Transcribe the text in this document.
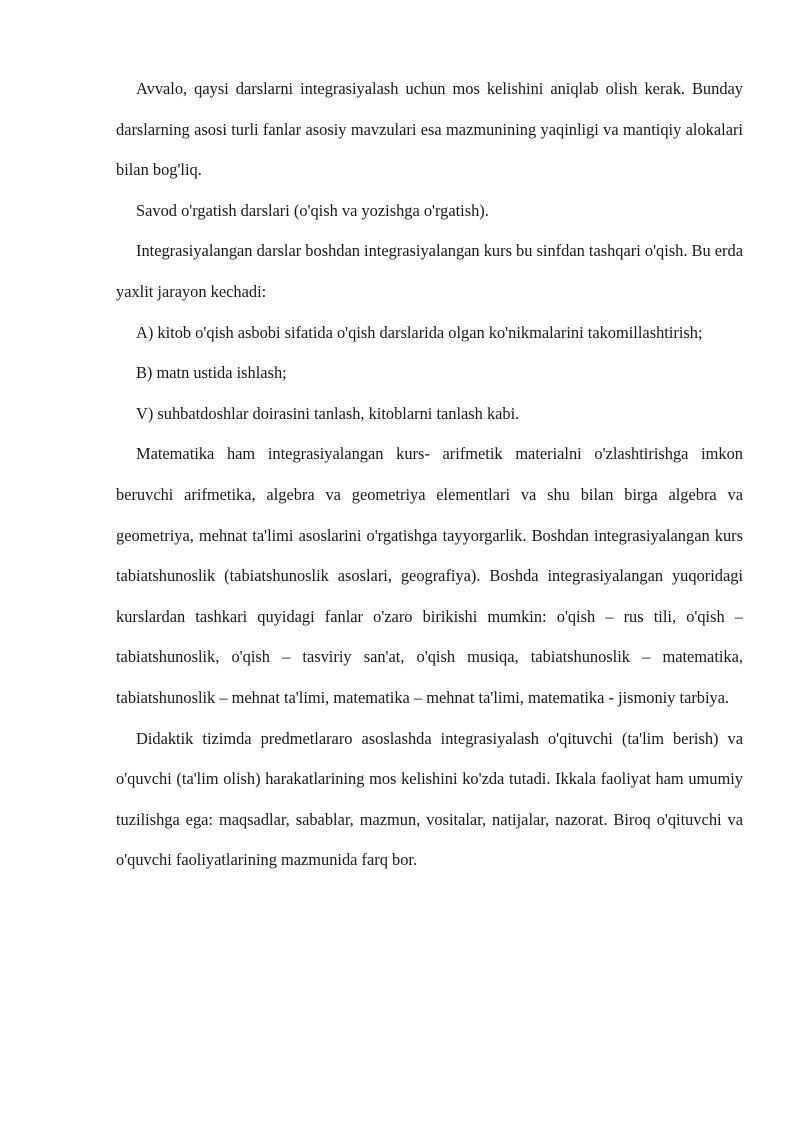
Avvalo, qaysi darslarni integrasiyalash uchun mos kelishini aniqlab olish kerak. Bunday darslarning asosi turli fanlar asosiy mavzulari esa mazmunining yaqinligi va mantiqiy alokalari bilan bog'liq.

Savod o'rgatish darslari (o'qish va yozishga o'rgatish).

Integrasiyalangan darslar boshdan integrasiyalangan kurs bu sinfdan tashqari o'qish. Bu erda yaxlit jarayon kechadi:

A) kitob o'qish asbobi sifatida o'qish darslarida olgan ko'nikmalarini takomillashtirish;

B) matn ustida ishlash;

V) suhbatdoshlar doirasini tanlash, kitoblarni tanlash kabi.

Matematika ham integrasiyalangan kurs- arifmetik materialni o'zlashtirishga imkon beruvchi arifmetika, algebra va geometriya elementlari va shu bilan birga algebra va geometriya, mehnat ta'limi asoslarini o'rgatishga tayyorgarlik. Boshdan integrasiyalangan kurs tabiatshunoslik (tabiatshunoslik asoslari, geografiya). Boshda integrasiyalangan yuqoridagi kurslardan tashkari quyidagi fanlar o'zaro birikishi mumkin: o'qish – rus tili, o'qish – tabiatshunoslik, o'qish – tasviriy san'at, o'qish musiqa, tabiatshunoslik – matematika, tabiatshunoslik – mehnat ta'limi, matematika – mehnat ta'limi, matematika - jismoniy tarbiya.

Didaktik tizimda predmetlararo asoslashda integrasiyalash o'qituvchi (ta'lim berish) va o'quvchi (ta'lim olish) harakatlarining mos kelishini ko'zda tutadi. Ikkala faoliyat ham umumiy tuzilishga ega: maqsadlar, sabablar, mazmun, vositalar, natijalar, nazorat. Biroq o'qituvchi va o'quvchi faoliyatlarining mazmunida farq bor.
